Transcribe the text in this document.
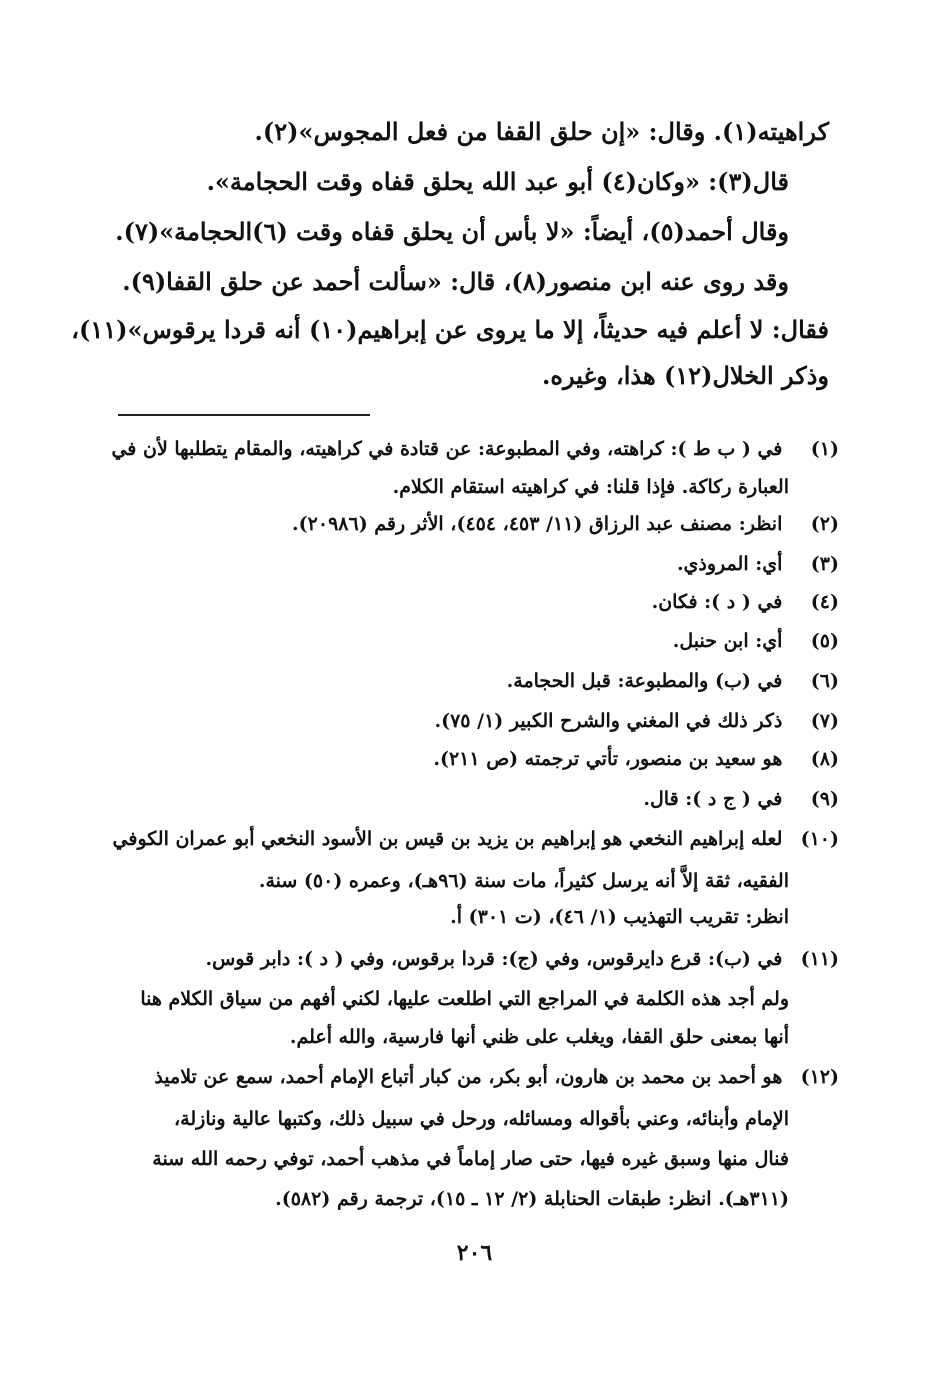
كراهيته(١). وقال: «إن حلق القفا من فعل المجوس»(٢).
قال(٣): «وكان(٤) أبو عبد الله يحلق قفاه وقت الحجامة».
وقال أحمد(٥)، أيضاً: «لا بأس أن يحلق قفاه وقت (٦)الحجامة»(٧).
وقد روى عنه ابن منصور(٨)، قال: «سألت أحمد عن حلق القفا(٩).
فقال: لا أعلم فيه حديثاً، إلا ما يروى عن إبراهيم(١٠) أنه قردا يرقوس»(١١)،
وذكر الخلال(١٢) هذا، وغيره.
(١) في ( ب ط ): كراهته، وفي المطبوعة: عن قتادة في كراهيته، والمقام يتطلبها لأن في
العبارة ركاكة. فإذا قلنا: في كراهيته استقام الكلام.
(٢) انظر: مصنف عبد الرزاق (١١/ ٤٥٣، ٤٥٤)، الأثر رقم (٢٠٩٨٦).
(٣) أي: المروذي.
(٤) في ( د ): فكان.
(٥) أي: ابن حنبل.
(٦) في (ب) والمطبوعة: قبل الحجامة.
(٧) ذكر ذلك في المغني والشرح الكبير (١/ ٧٥).
(٨) هو سعيد بن منصور، تأتي ترجمته (ص ٢١١).
(٩) في ( ج د ): قال.
(١٠) لعله إبراهيم النخعي هو إبراهيم بن يزيد بن قيس بن الأسود النخعي أبو عمران الكوفي
الفقيه، ثقة إلاَّ أنه يرسل كثيراً، مات سنة (٩٦هـ)، وعمره (٥٠) سنة.
انظر: تقريب التهذيب (١/ ٤٦)، (ت ٣٠١) أ.
(١١) في (ب): قرع دايرقوس، وفي (ج): قردا برقوس، وفي ( د ): دابر قوس.
ولم أجد هذه الكلمة في المراجع التي اطلعت عليها، لكني أفهم من سياق الكلام هنا
أنها بمعنى حلق القفا، ويغلب على ظني أنها فارسية، والله أعلم.
(١٢) هو أحمد بن محمد بن هارون، أبو بكر، من كبار أتباع الإمام أحمد، سمع عن تلاميذ
الإمام وأبنائه، وعني بأقواله ومسائله، ورحل في سبيل ذلك، وكتبها عالية ونازلة،
فنال منها وسبق غيره فيها، حتى صار إماماً في مذهب أحمد، توفي رحمه الله سنة
(٣١١هـ). انظر: طبقات الحنابلة (٢/ ١٢ ـ ١٥)، ترجمة رقم (٥٨٢).
٢٠٦
